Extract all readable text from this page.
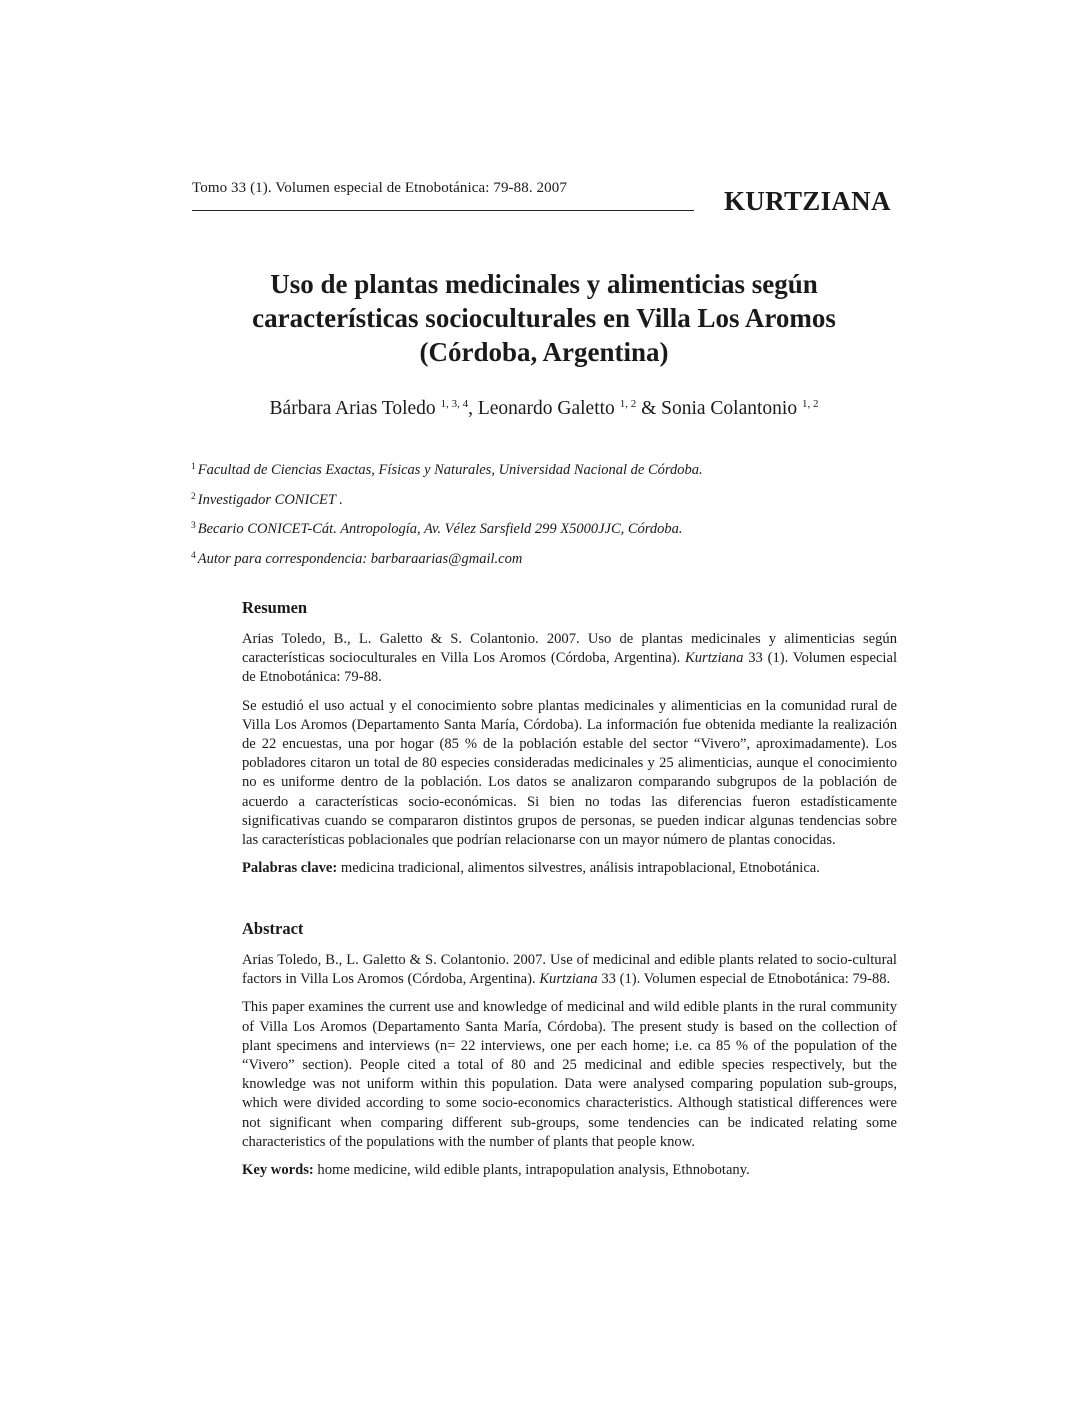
Tomo 33 (1). Volumen especial de Etnobotánica: 79-88. 2007	KURTZIANA
Uso de plantas medicinales y alimenticias según
características socioculturales en Villa Los Aromos
(Córdoba, Argentina)
Bárbara Arias Toledo $^{1, 3, 4}$, Leonardo Galetto $^{1, 2}$ & Sonia Colantonio $^{1, 2}$
$^1$ Facultad de Ciencias Exactas, Físicas y Naturales, Universidad Nacional de Córdoba.
$^2$ Investigador CONICET .
$^3$ Becario CONICET-Cát. Antropología, Av. Vélez Sarsfield 299 X5000JJC, Córdoba.
$^4$ Autor para correspondencia: barbaraarias@gmail.com
Resumen

Arias Toledo, B., L. Galetto & S. Colantonio. 2007. Uso de plantas medicinales y alimenticias según características socioculturales en Villa Los Aromos (Córdoba, Argentina). Kurtziana 33 (1). Volumen especial de Etnobotánica: 79-88.

Se estudió el uso actual y el conocimiento sobre plantas medicinales y alimenticias en la comunidad rural de Villa Los Aromos (Departamento Santa María, Córdoba). La información fue obtenida mediante la realización de 22 encuestas, una por hogar (85 % de la población estable del sector “Vivero”, aproximadamente). Los pobladores citaron un total de 80 especies consideradas medicinales y 25 alimenticias, aunque el conocimiento no es uniforme dentro de la población. Los datos se analizaron comparando subgrupos de la población de acuerdo a características socio-económicas. Si bien no todas las diferencias fueron estadísticamente significativas cuando se compararon distintos grupos de personas, se pueden indicar algunas tendencias sobre las características poblacionales que podrían relacionarse con un mayor número de plantas conocidas.

Palabras clave: medicina tradicional, alimentos silvestres, análisis intrapoblacional, Etnobotánica.

Abstract

Arias Toledo, B., L. Galetto & S. Colantonio. 2007. Use of medicinal and edible plants related to socio-cultural factors in Villa Los Aromos (Córdoba, Argentina). Kurtziana 33 (1). Volumen especial de Etnobotánica: 79-88.

This paper examines the current use and knowledge of medicinal and wild edible plants in the rural community of Villa Los Aromos (Departamento Santa María, Córdoba). The present study is based on the collection of plant specimens and interviews (n= 22 interviews, one per each home; i.e. ca 85 % of the population of the “Vivero” section). People cited a total of 80 and 25 medicinal and edible species respectively, but the knowledge was not uniform within this population. Data were analysed comparing population sub-groups, which were divided according to some socio-economics characteristics. Although statistical differences were not significant when comparing different sub-groups, some tendencies can be indicated relating some characteristics of the populations with the number of plants that people know.

Key words: home medicine, wild edible plants, intrapopulation analysis, Ethnobotany.
